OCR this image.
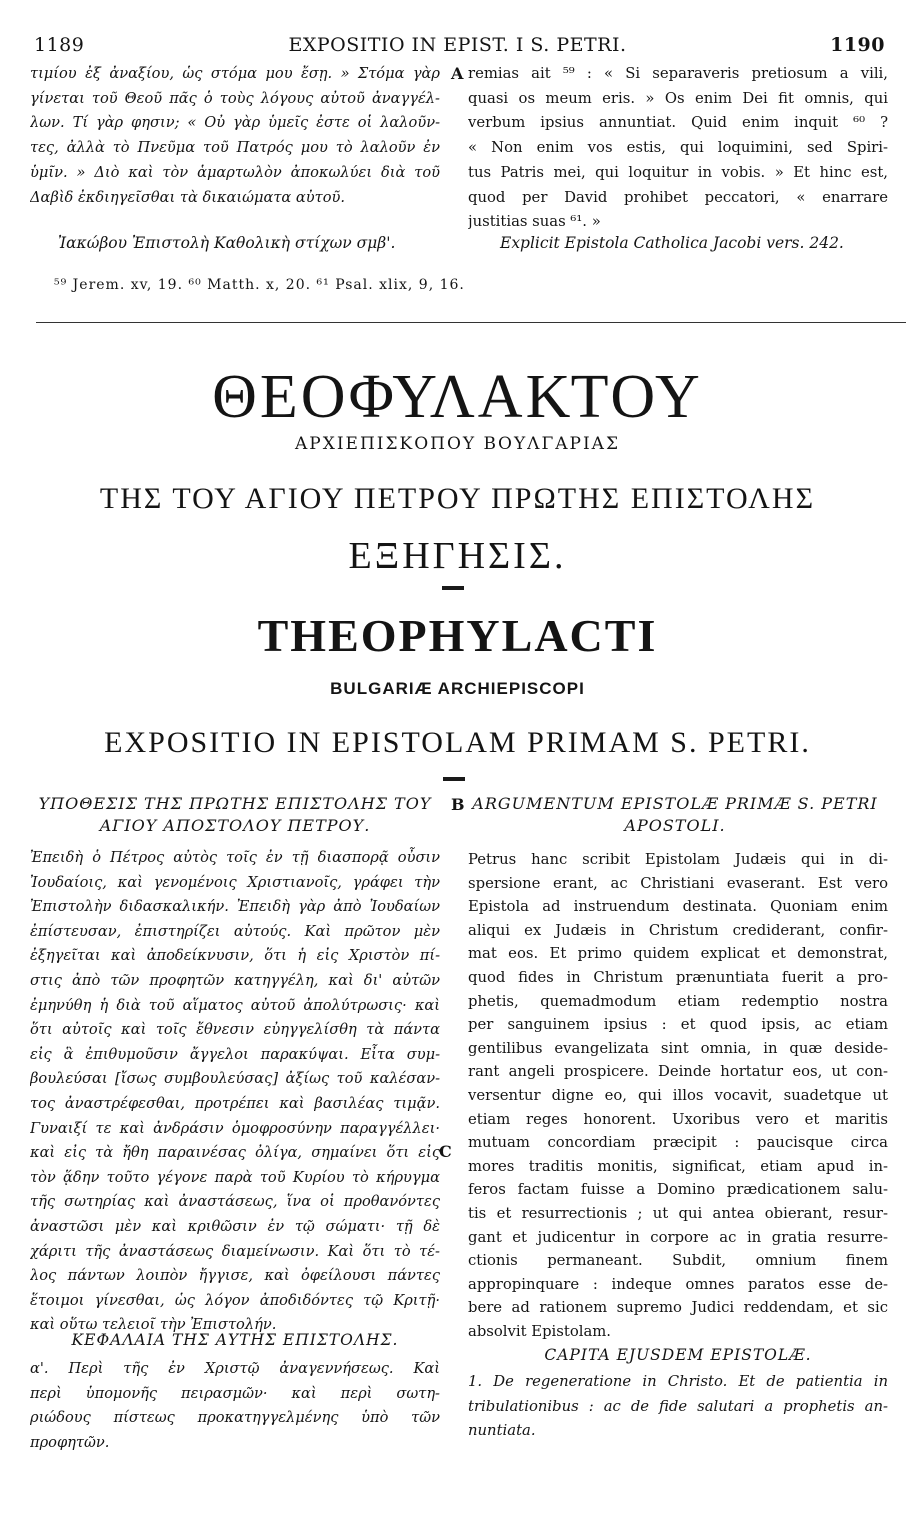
EXPOSITIO IN EPIST. I S. PETRI.
1189	1190
τιμίου ἐξ ἀναξίου, ὡς στόμα μου ἔσῃ. » Στόμα γὰρ
γίνεται τοῦ Θεοῦ πᾶς ὁ τοὺς λόγους αὐτοῦ ἀναγγέλ-
λων. Τί γὰρ φησιν; « Οὐ γὰρ ὑμεῖς ἐστε οἱ λαλοῦν-
τες, ἀλλὰ τὸ Πνεῦμα τοῦ Πατρός μου τὸ λαλοῦν ἐν
ὑμῖν. » Διὸ καὶ τὸν ἁμαρτωλὸν ἀποκωλύει διὰ τοῦ
Δαβὶδ ἐκδιηγεῖσθαι τὰ δικαιώματα αὐτοῦ.
remias ait ⁵⁹ : « Si separaveris pretiosum a vili,
quasi os meum eris. » Os enim Dei fit omnis, qui
verbum ipsius annuntiat. Quid enim inquit ⁶⁰ ?
« Non enim vos estis, qui loquimini, sed Spiri-
tus Patris mei, qui loquitur in vobis. » Et hinc est,
quod per David prohibet peccatori, « enarrare
justitias suas ⁶¹. »
A
Ἰακώβου Ἐπιστολὴ Καθολικὴ στίχων σμβ'.	Explicit Epistola Catholica Jacobi vers. 242.
⁵⁹ Jerem. xv, 19. ⁶⁰ Matth. x, 20. ⁶¹ Psal. xlix, 9, 16.
ΘΕΟΦΥΛΑΚΤΟΥ
ΑΡΧΙΕΠΙΣΚΟΠΟΥ ΒΟΥΛΓΑΡΙΑΣ
ΤΗΣ ΤΟΥ ΑΓΙΟΥ ΠΕΤΡΟΥ ΠΡΩΤΗΣ ΕΠΙΣΤΟΛΗΣ
ΕΞΗΓΗΣΙΣ.
THEOPHYLACTI
BULGARIÆ ARCHIEPISCOPI
EXPOSITIO IN EPISTOLAM PRIMAM S. PETRI.
ΥΠΟΘΕΣΙΣ ΤΗΣ ΠΡΩΤΗΣ ΕΠΙΣΤΟΛΗΣ ΤΟΥ
ΑΓΙΟΥ ΑΠΟΣΤΟΛΟΥ ΠΕΤΡΟΥ.
B ARGUMENTUM EPISTOLÆ PRIMÆ S. PETRI
APOSTOLI.
Ἐπειδὴ ὁ Πέτρος αὐτὸς τοῖς ἐν τῇ διασπορᾷ οὖσιν
Ἰουδαίοις, καὶ γενομένοις Χριστιανοῖς, γράφει τὴν
Ἐπιστολὴν διδασκαλικήν. Ἐπειδὴ γὰρ ἀπὸ Ἰουδαίων
ἐπίστευσαν, ἐπιστηρίζει αὐτούς. Καὶ πρῶτον μὲν
ἐξηγεῖται καὶ ἀποδείκνυσιν, ὅτι ἡ εἰς Χριστὸν πί-
στις ἀπὸ τῶν προφητῶν κατηγγέλη, καὶ δι' αὐτῶν
ἐμηνύθη ἡ διὰ τοῦ αἵματος αὐτοῦ ἀπολύτρωσις· καὶ
ὅτι αὐτοῖς καὶ τοῖς ἔθνεσιν εὐηγγελίσθη τὰ πάντα
εἰς ἃ ἐπιθυμοῦσιν ἄγγελοι παρακύψαι. Εἶτα συμ-
βουλεύσαι [ἴσως συμβουλεύσας] ἀξίως τοῦ καλέσαν-
τος ἀναστρέφεσθαι, προτρέπει καὶ βασιλέας τιμᾷν.
Γυναιξί τε καὶ ἀνδράσιν ὁμοφροσύνην παραγγέλλει·
καὶ εἰς τὰ ἤθη παραινέσας ὀλίγα, σημαίνει ὅτι εἰς
τὸν ᾅδην τοῦτο γέγονε παρὰ τοῦ Κυρίου τὸ κήρυγμα
τῆς σωτηρίας καὶ ἀναστάσεως, ἵνα οἱ προθανόντες
ἀναστῶσι μὲν καὶ κριθῶσιν ἐν τῷ σώματι· τῇ δὲ
χάριτι τῆς ἀναστάσεως διαμείνωσιν. Καὶ ὅτι τὸ τέ-
λος πάντων λοιπὸν ἤγγισε, καὶ ὀφείλουσι πάντες
ἕτοιμοι γίνεσθαι, ὡς λόγον ἀποδιδόντες τῷ Κριτῇ·
καὶ οὕτω τελειοῖ τὴν Ἐπιστολήν.
Petrus hanc scribit Epistolam Judæis qui in di-
spersione erant, ac Christiani evaserant. Est vero
Epistola ad instruendum destinata. Quoniam enim
aliqui ex Judæis in Christum crediderant, confir-
mat eos. Et primo quidem explicat et demonstrat,
quod fides in Christum prænuntiata fuerit a pro-
phetis, quemadmodum etiam redemptio nostra
per sanguinem ipsius : et quod ipsis, ac etiam
gentilibus evangelizata sint omnia, in quæ deside-
rant angeli prospicere. Deinde hortatur eos, ut con-
versentur digne eo, qui illos vocavit, suadetque ut
etiam reges honorent. Uxoribus vero et maritis
mutuam concordiam præcipit : paucisque circa
mores traditis monitis, significat, etiam apud in-
feros factam fuisse a Domino prædicationem salu-
tis et resurrectionis ; ut qui antea obierant, resur-
gant et judicentur in corpore ac in gratia resurre-
ctionis permaneant. Subdit, omnium finem
appropinquare : indeque omnes paratos esse de-
bere ad rationem supremo Judici reddendam, et sic
absolvit Epistolam.
C
ΚΕΦΑΛΑΙΑ ΤΗΣ ΑΥΤΗΣ ΕΠΙΣΤΟΛΗΣ.
α'. Περὶ τῆς ἐν Χριστῷ ἀναγεννήσεως. Καὶ
περὶ ὑπομονῆς πειρασμῶν· καὶ περὶ σωτη-
ριώδους πίστεως προκατηγγελμένης ὑπὸ τῶν
προφητῶν.
CAPITA EJUSDEM EPISTOLÆ.
1. De regeneratione in Christo. Et de patientia in
tribulationibus : ac de fide salutari a prophetis an-
nuntiata.
